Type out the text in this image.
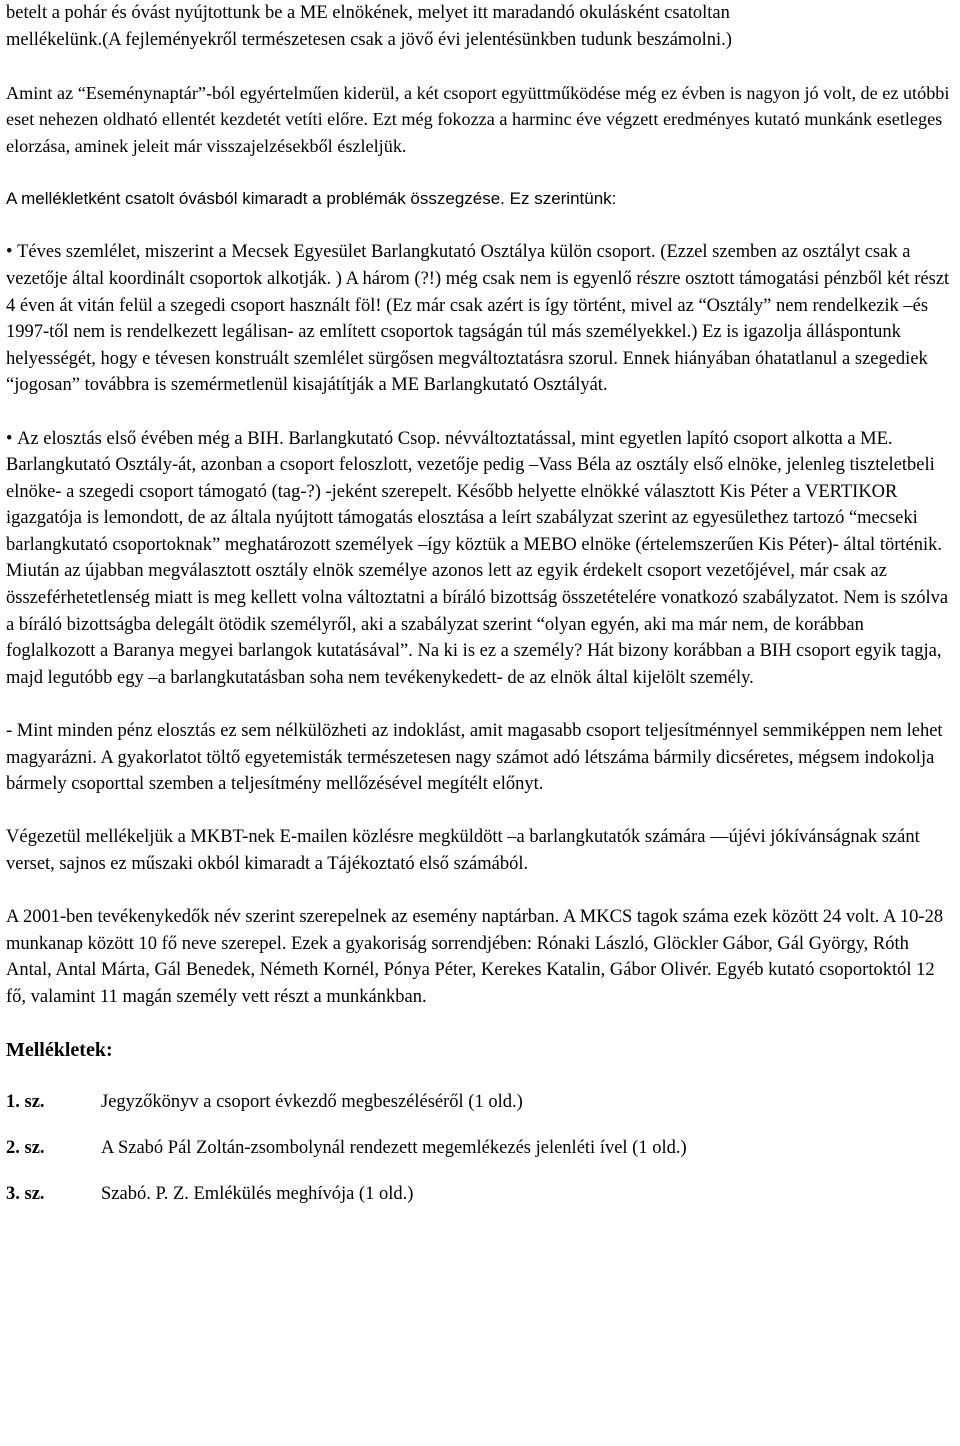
betelt a pohár és óvást nyújtottunk be a ME elnökének, melyet itt maradandó okulásként csatoltan

mellékelünk.(A fejleményekről természetesen csak a jövő évi jelentésünkben tudunk beszámolni.)

Amint az “Eseménynaptár”-ból egyértelműen kiderül, a két csoport együttműködése még ez évben is nagyon jó volt, de ez utóbbi eset nehezen oldható ellentét kezdetét vetíti előre. Ezt még fokozza a harminc éve végzett eredményes kutató munkánk esetleges elorzása, aminek jeleit már visszajelzésekből észleljük.

A mellékletként csatolt óvásból kimaradt a problémák összegzése. Ez szerintünk:

• Téves szemlélet, miszerint a Mecsek Egyesület Barlangkutató Osztálya külön csoport. (Ezzel szemben az osztályt csak a vezetője által koordinált csoportok alkotják. ) A három (?!) még csak nem is egyenlő részre osztott támogatási pénzből két részt 4 éven át vitán felül a szegedi csoport használt föl! (Ez már csak azért is így történt, mivel az “Osztály” nem rendelkezik –és 1997-től nem is rendelkezett legálisan- az említett csoportok tagságán túl más személyekkel.) Ez is igazolja álláspontunk helyességét, hogy e tévesen konstruált szemlélet sürgősen megváltoztatásra szorul. Ennek hiányában óhatatlanul a szegediek “jogosan” továbbra is szemérmetlenül kisajátítják a ME Barlangkutató Osztályát.

• Az elosztás első évében még a BIH. Barlangkutató Csop. névváltoztatással, mint egyetlen lapító csoport alkotta a ME. Barlangkutató Osztály-át, azonban a csoport feloszlott, vezetője pedig –Vass Béla az osztály első elnöke, jelenleg tiszteletbeli elnöke- a szegedi csoport támogató (tag-?) -jeként szerepelt. Később helyette elnökké választott Kis Péter a VERTIKOR igazgatója is lemondott, de az általa nyújtott támogatás elosztása a leírt szabályzat szerint az egyesülethez tartozó “mecseki barlangkutató csoportoknak” meghatározott személyek –így köztük a MEBO elnöke (értelemszerűen Kis Péter)- által történik. Miután az újabban megválasztott osztály elnök személye azonos lett az egyik érdekelt csoport vezetőjével, már csak az összeférhetetlenség miatt is meg kellett volna változtatni a bíráló bizottság összetételére vonatkozó szabályzatot. Nem is szólva a bíráló bizottságba delegált ötödik személyről, aki a szabályzat szerint “olyan egyén, aki ma már nem, de korábban foglalkozott a Baranya megyei barlangok kutatásával”. Na ki is ez a személy? Hát bizony korábban a BIH csoport egyik tagja, majd legutóbb egy –a barlangkutatásban soha nem tevékenykedett- de az elnök által kijelölt személy.

- Mint minden pénz elosztás ez sem nélkülözheti az indoklást, amit magasabb csoport teljesítménnyel semmiképpen nem lehet magyarázni. A gyakorlatot töltő egyetemisták természetesen nagy számot adó létszáma bármily dicséretes, mégsem indokolja bármely csoporttal szemben a teljesítmény mellőzésével megítélt előnyt.

Végezetül mellékeljük a MKBT-nek E-mailen közlésre megküldött –a barlangkutatók számára ––újévi jókívánságnak szánt verset, sajnos ez műszaki okból kimaradt a Tájékoztató első számából.

A 2001-ben tevékenykedők név szerint szerepelnek az esemény naptárban. A MKCS tagok száma ezek között 24 volt. A 10-28 munkanap között 10 fő neve szerepel. Ezek a gyakoriság sorrendjében: Rónaki László, Glöckler Gábor, Gál György, Róth Antal, Antal Márta, Gál Benedek, Németh Kornél, Pónya Péter, Kerekes Katalin, Gábor Olivér. Egyéb kutató csoportoktól 12 fő, valamint 11 magán személy vett részt a munkánkban.

Mellékletek:

1. sz.	Jegyzőkönyv a csoport évkezdő megbeszéléséről (1 old.)
2. sz.	A Szabó Pál Zoltán-zsombolynál rendezett megemlékezés jelenléti ível (1 old.)
3. sz.	Szabó. P. Z. Emlékülés meghívója (1 old.)
